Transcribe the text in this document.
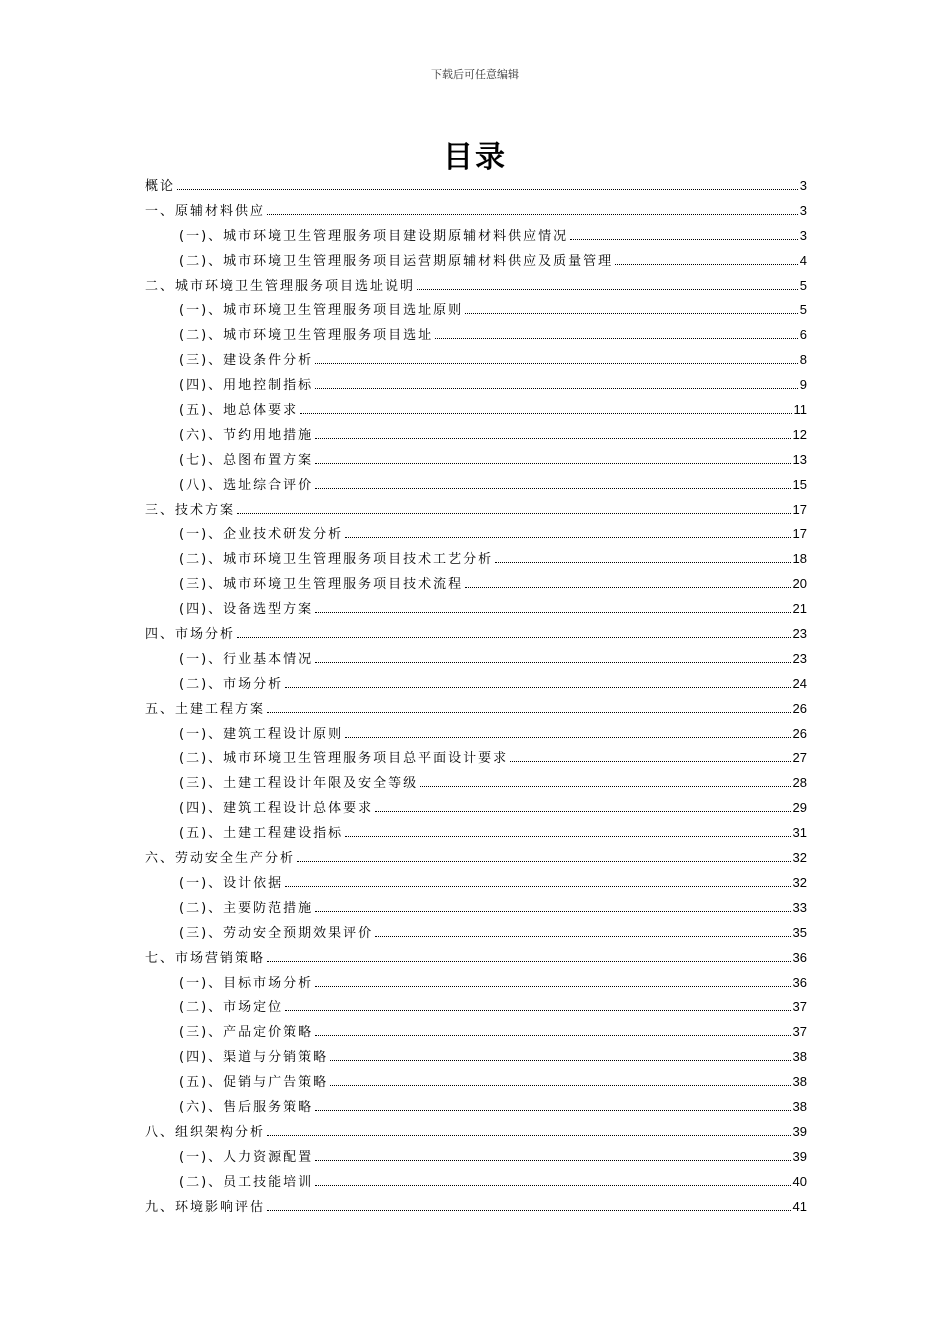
下载后可任意编辑
目录
概论	3
一、原辅材料供应	3
(一)、城市环境卫生管理服务项目建设期原辅材料供应情况	3
(二)、城市环境卫生管理服务项目运营期原辅材料供应及质量管理	4
二、城市环境卫生管理服务项目选址说明	5
(一)、城市环境卫生管理服务项目选址原则	5
(二)、城市环境卫生管理服务项目选址	6
(三)、建设条件分析	8
(四)、用地控制指标	9
(五)、地总体要求	11
(六)、节约用地措施	12
(七)、总图布置方案	13
(八)、选址综合评价	15
三、技术方案	17
(一)、企业技术研发分析	17
(二)、城市环境卫生管理服务项目技术工艺分析	18
(三)、城市环境卫生管理服务项目技术流程	20
(四)、设备选型方案	21
四、市场分析	23
(一)、行业基本情况	23
(二)、市场分析	24
五、土建工程方案	26
(一)、建筑工程设计原则	26
(二)、城市环境卫生管理服务项目总平面设计要求	27
(三)、土建工程设计年限及安全等级	28
(四)、建筑工程设计总体要求	29
(五)、土建工程建设指标	31
六、劳动安全生产分析	32
(一)、设计依据	32
(二)、主要防范措施	33
(三)、劳动安全预期效果评价	35
七、市场营销策略	36
(一)、目标市场分析	36
(二)、市场定位	37
(三)、产品定价策略	37
(四)、渠道与分销策略	38
(五)、促销与广告策略	38
(六)、售后服务策略	38
八、组织架构分析	39
(一)、人力资源配置	39
(二)、员工技能培训	40
九、环境影响评估	41
